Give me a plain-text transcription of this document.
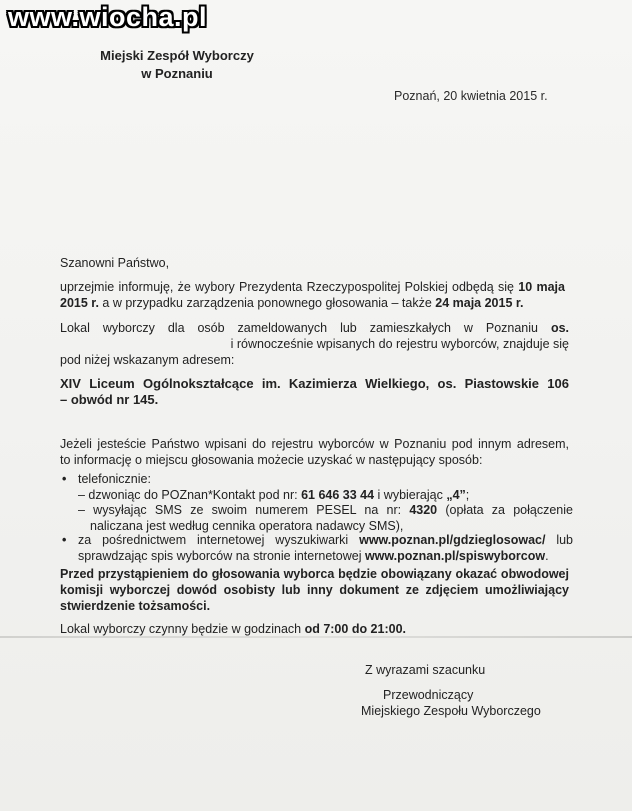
www.wiocha.pl
Miejski Zespół Wyborczy
w Poznaniu
Poznań, 20 kwietnia 2015 r.
Szanowni Państwo,
uprzejmie informuję, że wybory Prezydenta Rzeczypospolitej Polskiej odbędą się 10 maja
2015 r. a w przypadku zarządzenia ponownego głosowania – także 24 maja 2015 r.
Lokal wyborczy dla osób zameldowanych lub zamieszkałych w Poznaniu os.
i równocześnie wpisanych do rejestru wyborców, znajduje się
pod niżej wskazanym adresem:
XIV Liceum Ogólnokształcące im. Kazimierza Wielkiego, os. Piastowskie 106
– obwód nr 145.
Jeżeli jesteście Państwo wpisani do rejestru wyborców w Poznaniu pod innym adresem,
to informację o miejscu głosowania możecie uzyskać w następujący sposób:
• telefonicznie:
– dzwoniąc do POZnan*Kontakt pod nr: 61 646 33 44 i wybierając „4”;
– wysyłając SMS ze swoim numerem PESEL na nr: 4320 (opłata za połączenie
naliczana jest według cennika operatora nadawcy SMS),
• za pośrednictwem internetowej wyszukiwarki www.poznan.pl/gdzieglosowac/ lub
sprawdzając spis wyborców na stronie internetowej www.poznan.pl/spiswyborcow.
Przed przystąpieniem do głosowania wyborca będzie obowiązany okazać obwodowej
komisji wyborczej dowód osobisty lub inny dokument ze zdjęciem umożliwiający
stwierdzenie tożsamości.
Lokal wyborczy czynny będzie w godzinach od 7:00 do 21:00.
Z wyrazami szacunku
Przewodniczący
Miejskiego Zespołu Wyborczego
